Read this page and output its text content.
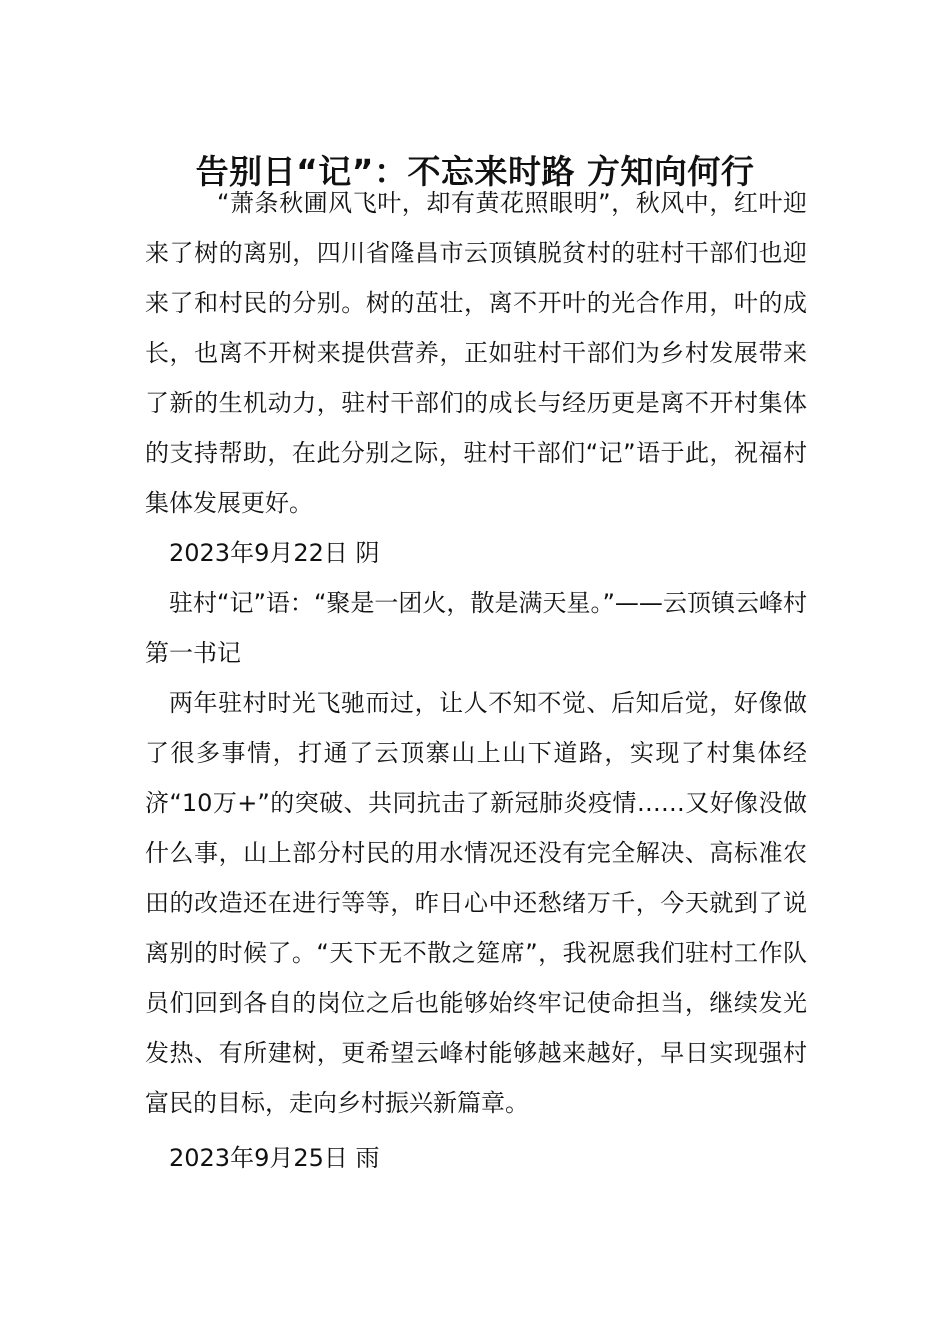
告别日“记”：不忘来时路 方知向何行

“萧条秋圃风飞叶，却有黄花照眼明”，秋风中，红叶迎来了树的离别，四川省隆昌市云顶镇脱贫村的驻村干部们也迎来了和村民的分别。树的茁壮，离不开叶的光合作用，叶的成长，也离不开树来提供营养，正如驻村干部们为乡村发展带来了新的生机动力，驻村干部们的成长与经历更是离不开村集体的支持帮助，在此分别之际，驻村干部们“记”语于此，祝福村集体发展更好。

2023年9月22日 阴

驻村“记”语：“聚是一团火，散是满天星。”——云顶镇云峰村第一书记

两年驻村时光飞驰而过，让人不知不觉、后知后觉，好像做了很多事情，打通了云顶寨山上山下道路，实现了村集体经济“10万+”的突破、共同抗击了新冠肺炎疫情……又好像没做什么事，山上部分村民的用水情况还没有完全解决、高标准农田的改造还在进行等等，昨日心中还愁绪万千，今天就到了说离别的时候了。“天下无不散之筵席”，我祝愿我们驻村工作队员们回到各自的岗位之后也能够始终牢记使命担当，继续发光发热、有所建树，更希望云峰村能够越来越好，早日实现强村富民的目标，走向乡村振兴新篇章。

2023年9月25日 雨
